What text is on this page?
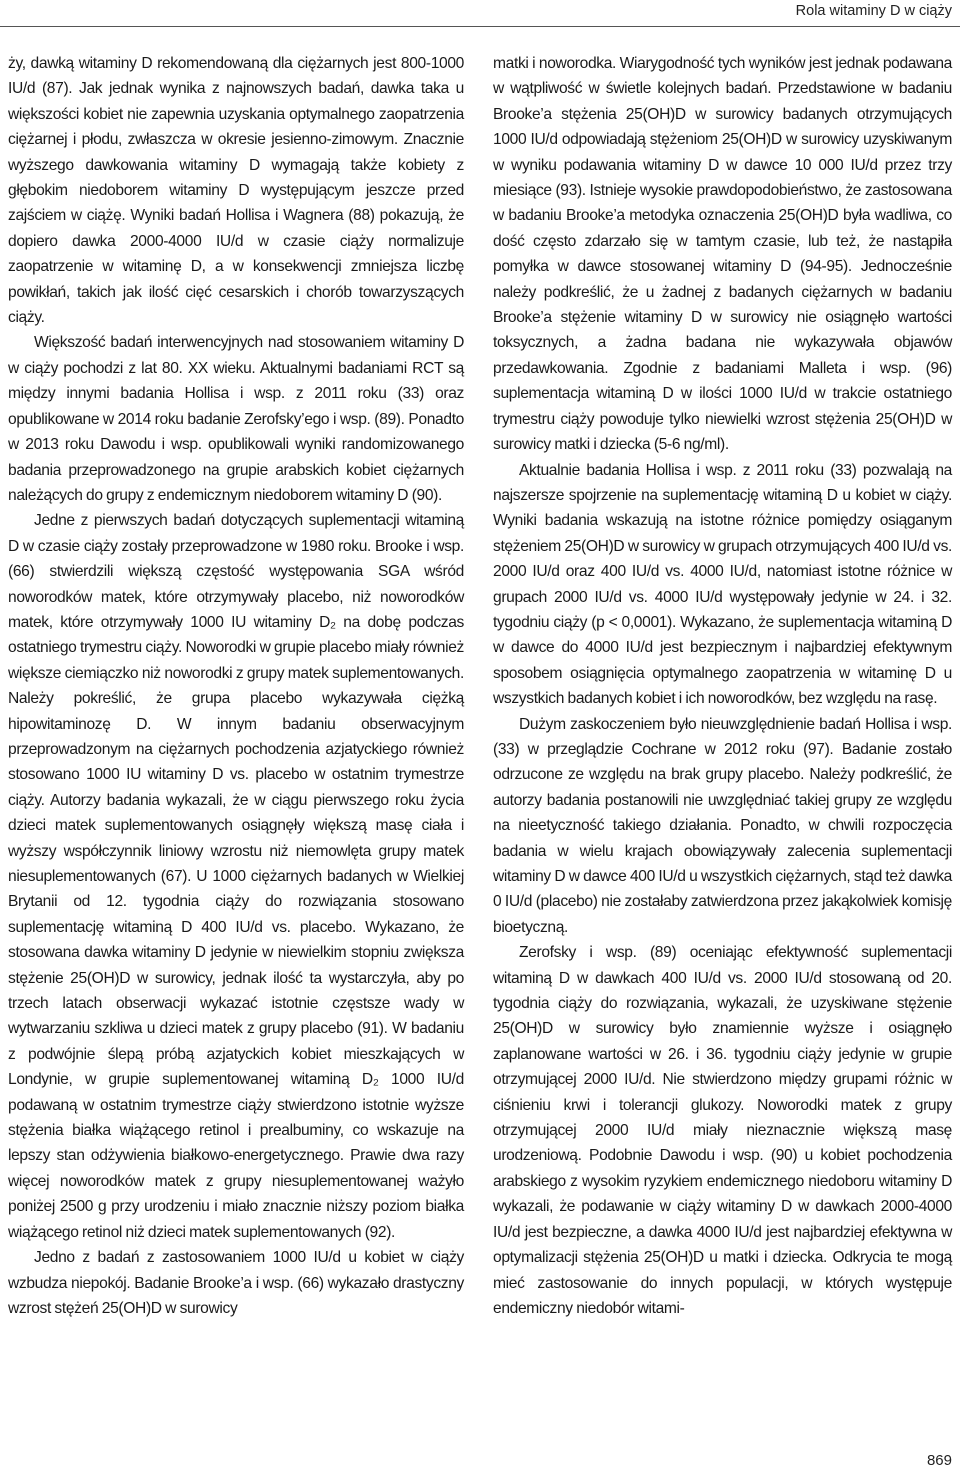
Rola witaminy D w ciąży

ży, dawką witaminy D rekomendowaną dla ciężarnych jest 800-1000 IU/d (87). Jak jednak wynika z najnowszych badań, dawka taka u większości kobiet nie zapewnia uzyskania optymalnego zaopatrzenia ciężarnej i płodu, zwłaszcza w okresie jesienno-zimowym. Znacznie wyższego dawkowania witaminy D wymagają także kobiety z głębokim niedoborem witaminy D występującym jeszcze przed zajściem w ciążę. Wyniki badań Hollisa i Wagnera (88) pokazują, że dopiero dawka 2000-4000 IU/d w czasie ciąży normalizuje zaopatrzenie w witaminę D, a w konsekwencji zmniejsza liczbę powikłań, takich jak ilość cięć cesarskich i chorób towarzyszących ciąży.

Większość badań interwencyjnych nad stosowaniem witaminy D w ciąży pochodzi z lat 80. XX wieku. Aktualnymi badaniami RCT są między innymi badania Hollisa i wsp. z 2011 roku (33) oraz opublikowane w 2014 roku badanie Zerofsky’ego i wsp. (89). Ponadto w 2013 roku Dawodu i wsp. opublikowali wyniki randomizowanego badania przeprowadzonego na grupie arabskich kobiet ciężarnych należących do grupy z endemicznym niedoborem witaminy D (90).

Jedne z pierwszych badań dotyczących suplementacji witaminą D w czasie ciąży zostały przeprowadzone w 1980 roku. Brooke i wsp. (66) stwierdzili większą częstość występowania SGA wśród noworodków matek, które otrzymywały placebo, niż noworodków matek, które otrzymywały 1000 IU witaminy D₂ na dobę podczas ostatniego trymestru ciąży. Noworodki w grupie placebo miały również większe ciemiączko niż noworodki z grupy matek suplementowanych. Należy pokreślić, że grupa placebo wykazywała ciężką hipowitaminozę D. W innym badaniu obserwacyjnym przeprowadzonym na ciężarnych pochodzenia azjatyckiego również stosowano 1000 IU witaminy D vs. placebo w ostatnim trymestrze ciąży. Autorzy badania wykazali, że w ciągu pierwszego roku życia dzieci matek suplementowanych osiągnęły większą masę ciała i wyższy współczynnik liniowy wzrostu niż niemowlęta grupy matek niesuplementowanych (67). U 1000 ciężarnych badanych w Wielkiej Brytanii od 12. tygodnia ciąży do rozwiązania stosowano suplementację witaminą D 400 IU/d vs. placebo. Wykazano, że stosowana dawka witaminy D jedynie w niewielkim stopniu zwiększa stężenie 25(OH)D w surowicy, jednak ilość ta wystarczyła, aby po trzech latach obserwacji wykazać istotnie częstsze wady w wytwarzaniu szkliwa u dzieci matek z grupy placebo (91). W badaniu z podwójnie ślepą próbą azjatyckich kobiet mieszkających w Londynie, w grupie suplementowanej witaminą D₂ 1000 IU/d podawaną w ostatnim trymestrze ciąży stwierdzono istotnie wyższe stężenia białka wiążącego retinol i prealbuminy, co wskazuje na lepszy stan odżywienia białkowo-energetycznego. Prawie dwa razy więcej noworodków matek z grupy niesuplementowanej ważyło poniżej 2500 g przy urodzeniu i miało znacznie niższy poziom białka wiążącego retinol niż dzieci matek suplementowanych (92).

Jedno z badań z zastosowaniem 1000 IU/d u kobiet w ciąży wzbudza niepokój. Badanie Brooke’a i wsp. (66) wykazało drastyczny wzrost stężeń 25(OH)D w surowicy

matki i noworodka. Wiarygodność tych wyników jest jednak podawana w wątpliwość w świetle kolejnych badań. Przedstawione w badaniu Brooke’a stężenia 25(OH)D w surowicy badanych otrzymujących 1000 IU/d odpowiadają stężeniom 25(OH)D w surowicy uzyskiwanym w wyniku podawania witaminy D w dawce 10 000 IU/d przez trzy miesiące (93). Istnieje wysokie prawdopodobieństwo, że zastosowana w badaniu Brooke’a metodyka oznaczenia 25(OH)D była wadliwa, co dość często zdarzało się w tamtym czasie, lub też, że nastąpiła pomyłka w dawce stosowanej witaminy D (94-95). Jednocześnie należy podkreślić, że u żadnej z badanych ciężarnych w badaniu Brooke’a stężenie witaminy D w surowicy nie osiągnęło wartości toksycznych, a żadna badana nie wykazywała objawów przedawkowania. Zgodnie z badaniami Malleta i wsp. (96) suplementacja witaminą D w ilości 1000 IU/d w trakcie ostatniego trymestru ciąży powoduje tylko niewielki wzrost stężenia 25(OH)D w surowicy matki i dziecka (5-6 ng/ml).

Aktualnie badania Hollisa i wsp. z 2011 roku (33) pozwalają na najszersze spojrzenie na suplementację witaminą D u kobiet w ciąży. Wyniki badania wskazują na istotne różnice pomiędzy osiąganym stężeniem 25(OH)D w surowicy w grupach otrzymujących 400 IU/d vs. 2000 IU/d oraz 400 IU/d vs. 4000 IU/d, natomiast istotne różnice w grupach 2000 IU/d vs. 4000 IU/d występowały jedynie w 24. i 32. tygodniu ciąży (p < 0,0001). Wykazano, że suplementacja witaminą D w dawce do 4000 IU/d jest bezpiecznym i najbardziej efektywnym sposobem osiągnięcia optymalnego zaopatrzenia w witaminę D u wszystkich badanych kobiet i ich noworodków, bez względu na rasę.

Dużym zaskoczeniem było nieuwzględnienie badań Hollisa i wsp. (33) w przeglądzie Cochrane w 2012 roku (97). Badanie zostało odrzucone ze względu na brak grupy placebo. Należy podkreślić, że autorzy badania postanowili nie uwzględniać takiej grupy ze względu na nieetyczność takiego działania. Ponadto, w chwili rozpoczęcia badania w wielu krajach obowiązywały zalecenia suplementacji witaminy D w dawce 400 IU/d u wszystkich ciężarnych, stąd też dawka 0 IU/d (placebo) nie zostałaby zatwierdzona przez jakąkolwiek komisję bioetyczną.

Zerofsky i wsp. (89) oceniając efektywność suplementacji witaminą D w dawkach 400 IU/d vs. 2000 IU/d stosowaną od 20. tygodnia ciąży do rozwiązania, wykazali, że uzyskiwane stężenie 25(OH)D w surowicy było znamiennie wyższe i osiągnęło zaplanowane wartości w 26. i 36. tygodniu ciąży jedynie w grupie otrzymującej 2000 IU/d. Nie stwierdzono między grupami różnic w ciśnieniu krwi i tolerancji glukozy. Noworodki matek z grupy otrzymującej 2000 IU/d miały nieznacznie większą masę urodzeniową. Podobnie Dawodu i wsp. (90) u kobiet pochodzenia arabskiego z wysokim ryzykiem endemicznego niedoboru witaminy D wykazali, że podawanie w ciąży witaminy D w dawkach 2000-4000 IU/d jest bezpieczne, a dawka 4000 IU/d jest najbardziej efektywna w optymalizacji stężenia 25(OH)D u matki i dziecka. Odkrycia te mogą mieć zastosowanie do innych populacji, w których występuje endemiczny niedobór witami-

869
